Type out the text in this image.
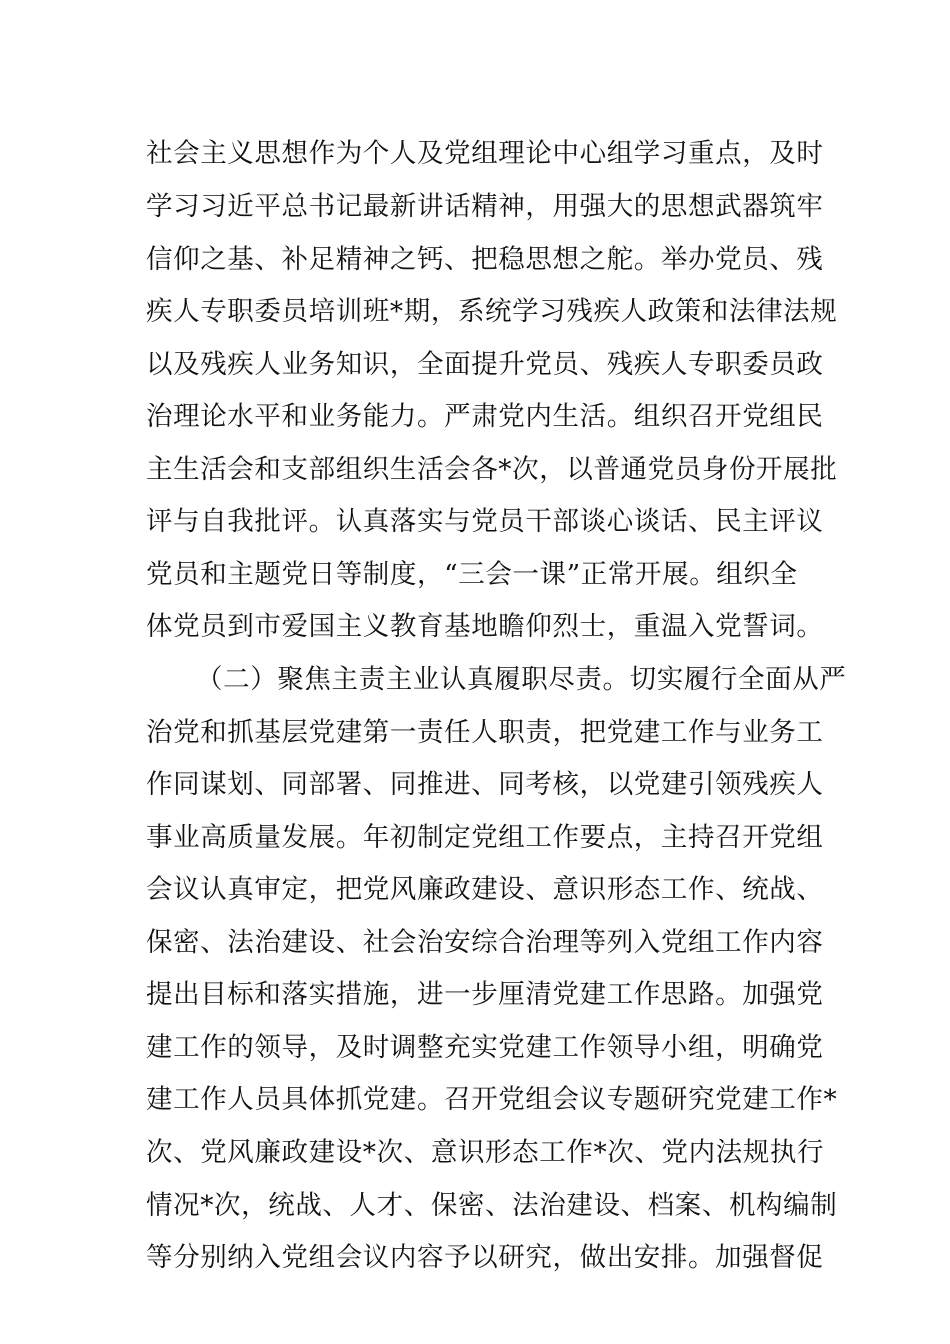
社会主义思想作为个人及党组理论中心组学习重点，及时
学习习近平总书记最新讲话精神，用强大的思想武器筑牢
信仰之基、补足精神之钙、把稳思想之舵。举办党员、残
疾人专职委员培训班*期，系统学习残疾人政策和法律法规
以及残疾人业务知识，全面提升党员、残疾人专职委员政
治理论水平和业务能力。严肃党内生活。组织召开党组民
主生活会和支部组织生活会各*次，以普通党员身份开展批
评与自我批评。认真落实与党员干部谈心谈话、民主评议
党员和主题党日等制度，“三会一课”正常开展。组织全
体党员到市爱国主义教育基地瞻仰烈士，重温入党誓词。
（二）聚焦主责主业认真履职尽责。切实履行全面从严
治党和抓基层党建第一责任人职责，把党建工作与业务工
作同谋划、同部署、同推进、同考核，以党建引领残疾人
事业高质量发展。年初制定党组工作要点，主持召开党组
会议认真审定，把党风廉政建设、意识形态工作、统战、
保密、法治建设、社会治安综合治理等列入党组工作内容
提出目标和落实措施，进一步厘清党建工作思路。加强党
建工作的领导，及时调整充实党建工作领导小组，明确党
建工作人员具体抓党建。召开党组会议专题研究党建工作*
次、党风廉政建设*次、意识形态工作*次、党内法规执行
情况*次，统战、人才、保密、法治建设、档案、机构编制
等分别纳入党组会议内容予以研究，做出安排。加强督促
